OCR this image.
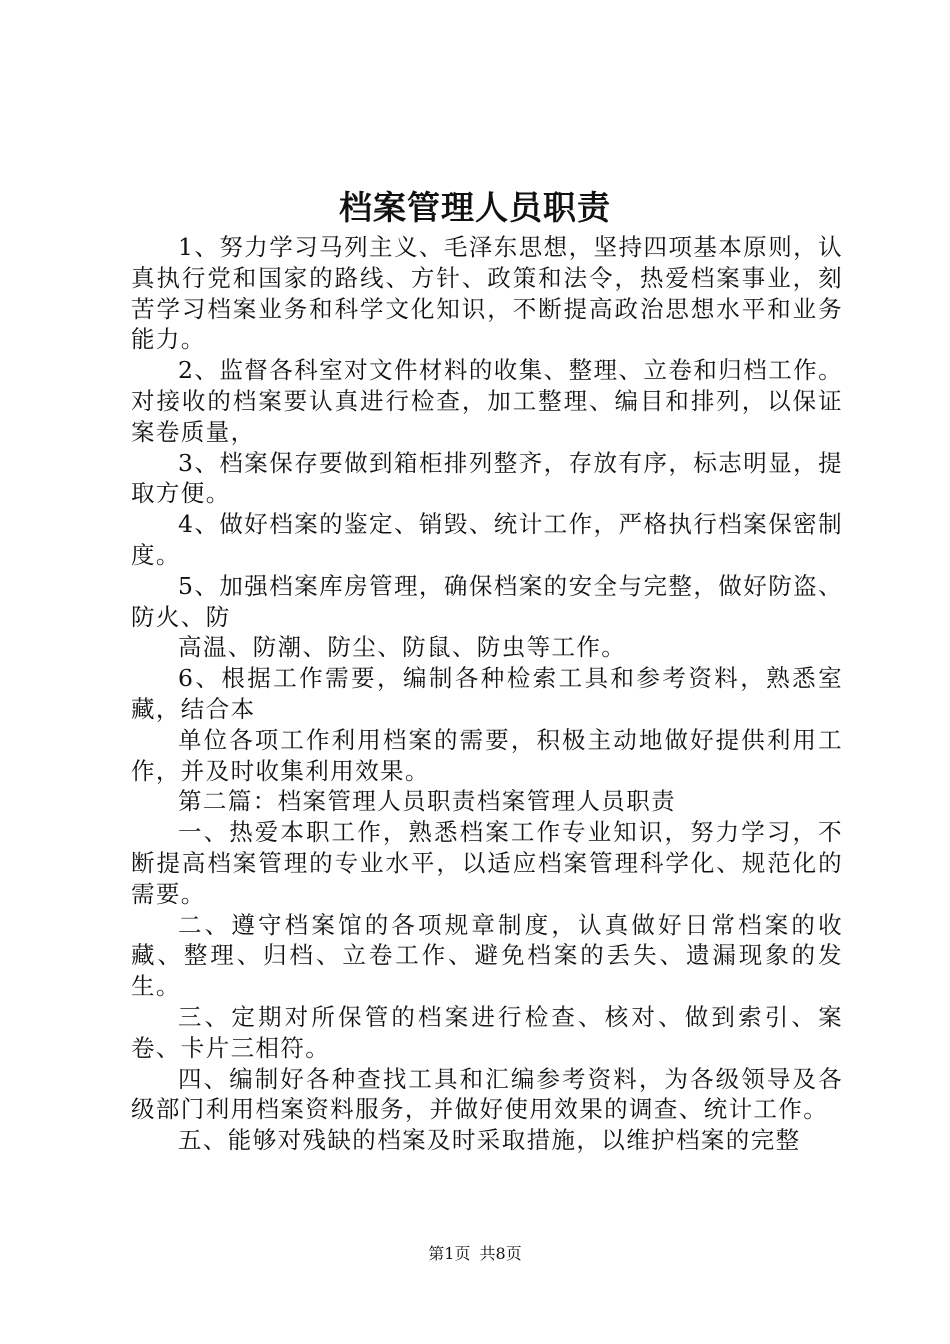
档案管理人员职责

1、努力学习马列主义、毛泽东思想，坚持四项基本原则，认真执行党和国家的路线、方针、政策和法令，热爱档案事业，刻苦学习档案业务和科学文化知识，不断提高政治思想水平和业务能力。

2、监督各科室对文件材料的收集、整理、立卷和归档工作。对接收的档案要认真进行检查，加工整理、编目和排列，以保证案卷质量，

3、档案保存要做到箱柜排列整齐，存放有序，标志明显，提取方便。

4、做好档案的鉴定、销毁、统计工作，严格执行档案保密制度。

5、加强档案库房管理，确保档案的安全与完整，做好防盗、防火、防

高温、防潮、防尘、防鼠、防虫等工作。

6、根据工作需要，编制各种检索工具和参考资料，熟悉室藏，结合本

单位各项工作利用档案的需要，积极主动地做好提供利用工作，并及时收集利用效果。

第二篇：档案管理人员职责档案管理人员职责

一、热爱本职工作，熟悉档案工作专业知识，努力学习，不断提高档案管理的专业水平，以适应档案管理科学化、规范化的需要。

二、遵守档案馆的各项规章制度，认真做好日常档案的收藏、整理、归档、立卷工作、避免档案的丢失、遗漏现象的发生。

三、定期对所保管的档案进行检查、核对、做到索引、案卷、卡片三相符。

四、编制好各种查找工具和汇编参考资料，为各级领导及各级部门利用档案资料服务，并做好使用效果的调查、统计工作。

五、能够对残缺的档案及时采取措施，以维护档案的完整

第1页 共8页
